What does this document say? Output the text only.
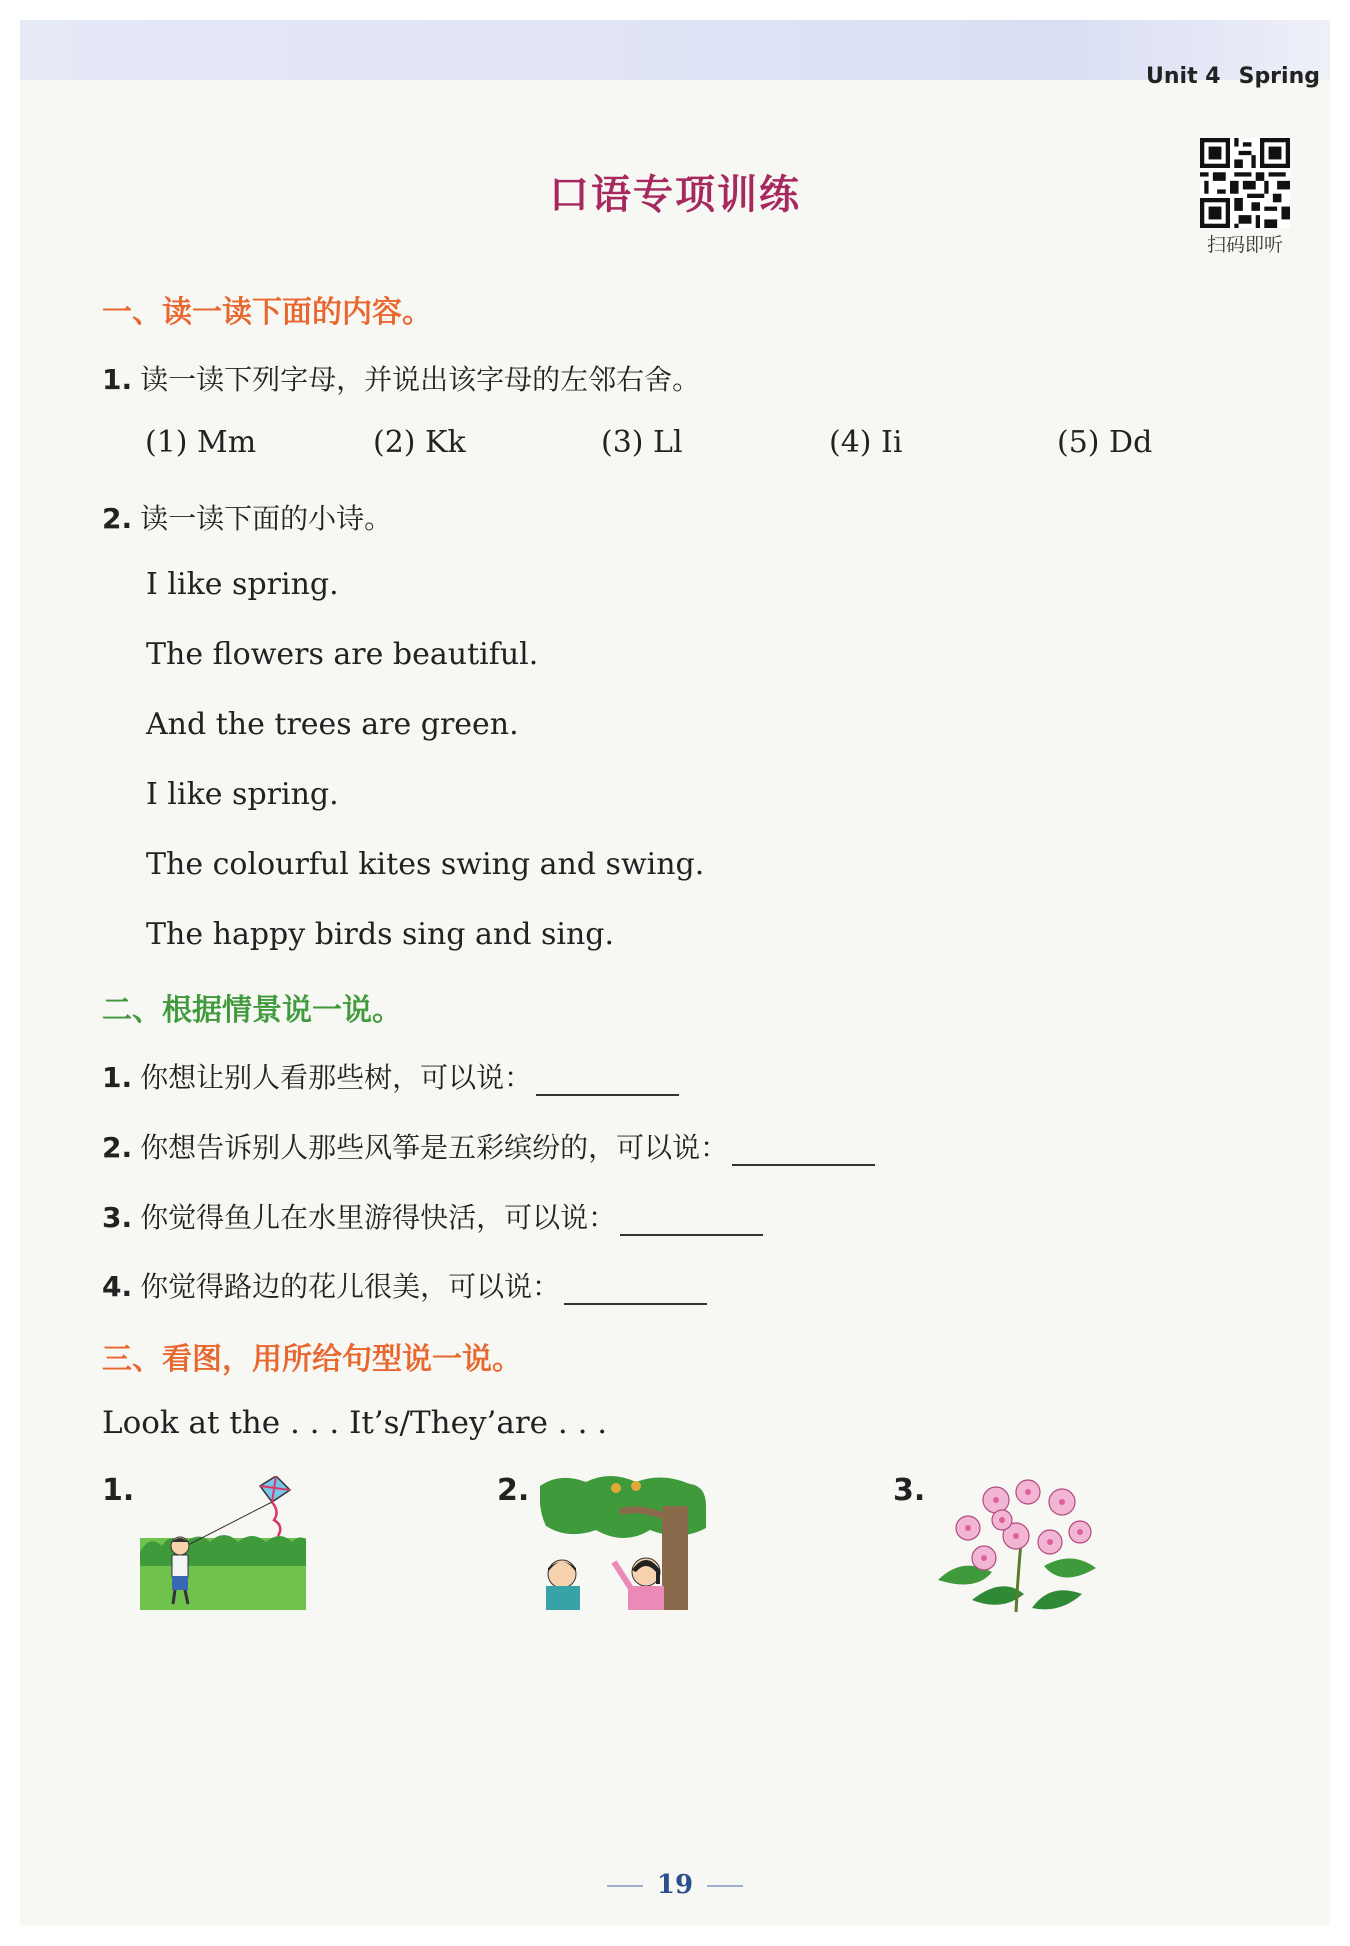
Unit 4 Spring
口语专项训练
扫码即听
一、读一读下面的内容。
1. 读一读下列字母，并说出该字母的左邻右舍。
(1) Mm	(2) Kk	(3) Ll	(4) Ii	(5) Dd
2. 读一读下面的小诗。
I like spring.
The flowers are beautiful.
And the trees are green.
I like spring.
The colourful kites swing and swing.
The happy birds sing and sing.
二、根据情景说一说。
1. 你想让别人看那些树，可以说：
2. 你想告诉别人那些风筝是五彩缤纷的，可以说：
3. 你觉得鱼儿在水里游得快活，可以说：
4. 你觉得路边的花儿很美，可以说：
三、看图，用所给句型说一说。
Look at the . . . It’s/They’are . . .
1.	2.	3.
19
